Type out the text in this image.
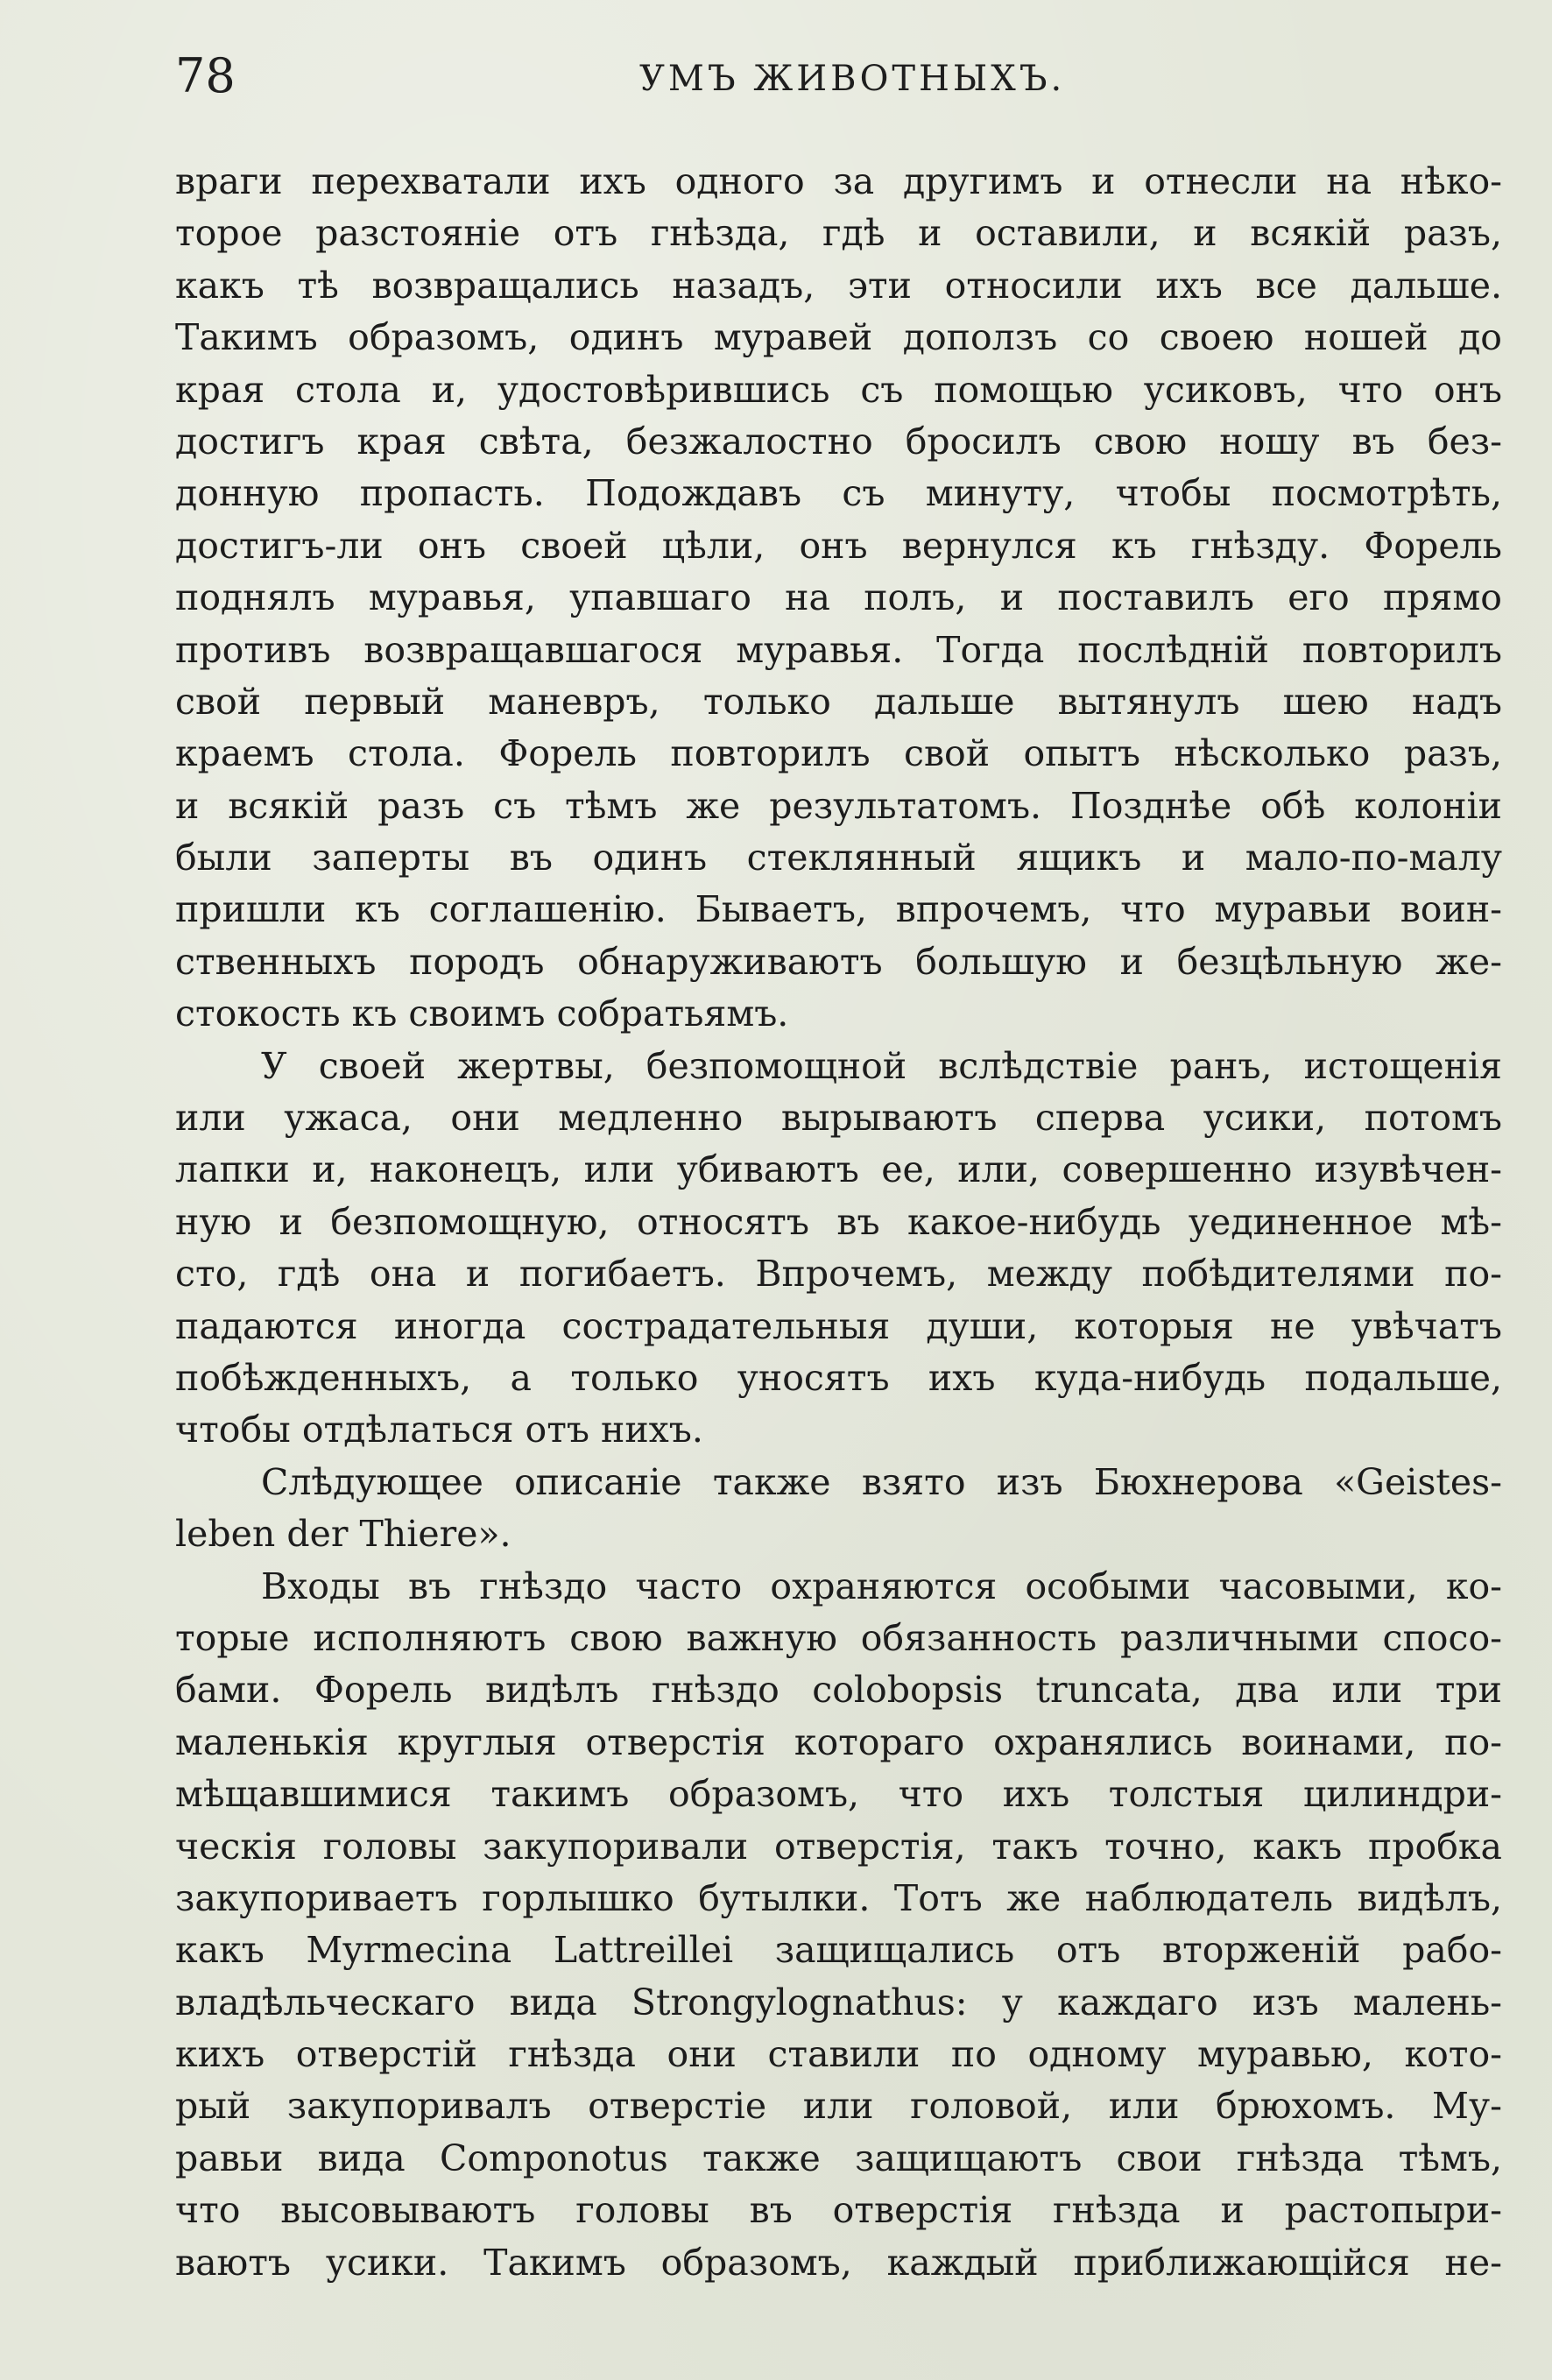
78	УМЪ ЖИВОТНЫХЪ.
враги перехватали ихъ одного за другимъ и отнесли на нѣко-
торое разстояніе отъ гнѣзда, гдѣ и оставили, и всякій разъ,
какъ тѣ возвращались назадъ, эти относили ихъ все дальше.
Такимъ образомъ, одинъ муравей доползъ со своею ношей до
края стола и, удостовѣрившись съ помощью усиковъ, что онъ
достигъ края свѣта, безжалостно бросилъ свою ношу въ без-
донную пропасть. Подождавъ съ минуту, чтобы посмотрѣть,
достигъ-ли онъ своей цѣли, онъ вернулся къ гнѣзду. Форель
поднялъ муравья, упавшаго на полъ, и поставилъ его прямо
противъ возвращавшагося муравья. Тогда послѣдній повторилъ
свой первый маневръ, только дальше вытянулъ шею надъ
краемъ стола. Форель повторилъ свой опытъ нѣсколько разъ,
и всякій разъ съ тѣмъ же результатомъ. Позднѣе обѣ колоніи
были заперты въ одинъ стеклянный ящикъ и мало-по-малу
пришли къ соглашенію. Бываетъ, впрочемъ, что муравьи воин-
ственныхъ породъ обнаруживаютъ большую и безцѣльную же-
стокость къ своимъ собратьямъ.
У своей жертвы, безпомощной вслѣдствіе ранъ, истощенія
или ужаса, они медленно вырываютъ сперва усики, потомъ
лапки и, наконецъ, или убиваютъ ее, или, совершенно изувѣчен-
ную и безпомощную, относятъ въ какое-нибудь уединенное мѣ-
сто, гдѣ она и погибаетъ. Впрочемъ, между побѣдителями по-
падаются иногда сострадательныя души, которыя не увѣчатъ
побѣжденныхъ, а только уносятъ ихъ куда-нибудь подальше,
чтобы отдѣлаться отъ нихъ.
Слѣдующее описаніе также взято изъ Бюхнерова «Geistes-
leben der Thiere».
Входы въ гнѣздо часто охраняются особыми часовыми, ко-
торые исполняютъ свою важную обязанность различными спосо-
бами. Форель видѣлъ гнѣздо colobopsis truncata, два или три
маленькія круглыя отверстія котораго охранялись воинами, по-
мѣщавшимися такимъ образомъ, что ихъ толстыя цилиндри-
ческія головы закупоривали отверстія, такъ точно, какъ пробка
закупориваетъ горлышко бутылки. Тотъ же наблюдатель видѣлъ,
какъ Myrmecina Lattreillei защищались отъ вторженій рабо-
владѣльческаго вида Strongylognathus: у каждаго изъ малень-
кихъ отверстій гнѣзда они ставили по одному муравью, кото-
рый закупоривалъ отверстіе или головой, или брюхомъ. Му-
равьи вида Componotus также защищаютъ свои гнѣзда тѣмъ,
что высовываютъ головы въ отверстія гнѣзда и растопыри-
ваютъ усики. Такимъ образомъ, каждый приближающійся не-
